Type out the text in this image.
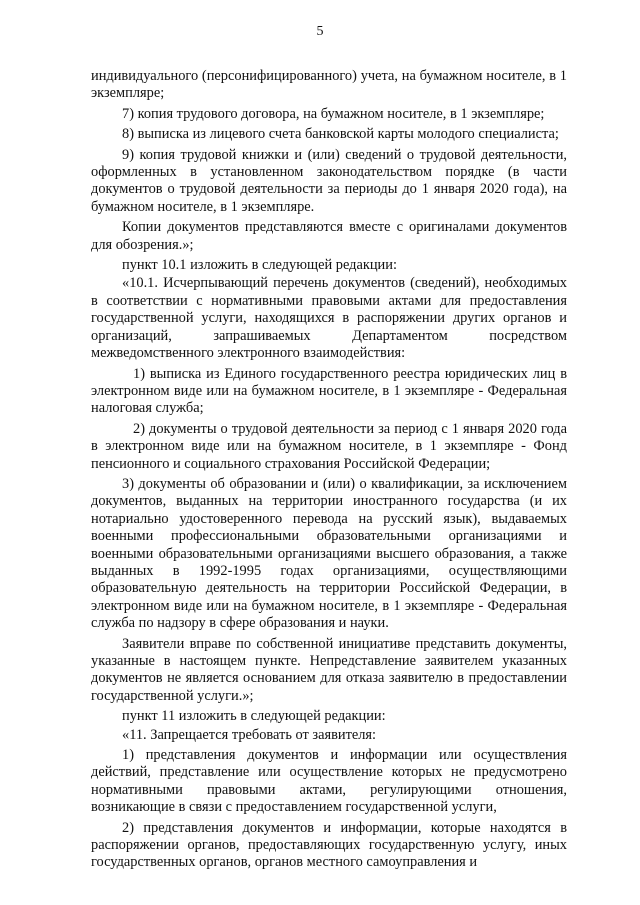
5

индивидуального (персонифицированного) учета, на бумажном носителе, в 1 экземпляре;

7) копия трудового договора, на бумажном носителе, в 1 экземпляре;

8) выписка из лицевого счета банковской карты молодого специалиста;

9) копия трудовой книжки и (или) сведений о трудовой деятельности, оформленных в установленном законодательством порядке (в части документов о трудовой деятельности за периоды до 1 января 2020 года), на бумажном носителе, в 1 экземпляре.

Копии документов представляются вместе с оригиналами документов для обозрения.»;

пункт 10.1 изложить в следующей редакции:

«10.1. Исчерпывающий перечень документов (сведений), необходимых в соответствии с нормативными правовыми актами для предоставления государственной услуги, находящихся в распоряжении других органов и организаций, запрашиваемых Департаментом посредством межведомственного электронного взаимодействия:

1) выписка из Единого государственного реестра юридических лиц в электронном виде или на бумажном носителе, в 1 экземпляре - Федеральная налоговая служба;

2) документы о трудовой деятельности за период с 1 января 2020 года в электронном виде или на бумажном носителе, в 1 экземпляре - Фонд пенсионного и социального страхования Российской Федерации;

3) документы об образовании и (или) о квалификации, за исключением документов, выданных на территории иностранного государства (и их нотариально удостоверенного перевода на русский язык), выдаваемых военными профессиональными образовательными организациями и военными образовательными организациями высшего образования, а также выданных в 1992-1995 годах организациями, осуществляющими образовательную деятельность на территории Российской Федерации, в электронном виде или на бумажном носителе, в 1 экземпляре - Федеральная служба по надзору в сфере образования и науки.

Заявители вправе по собственной инициативе представить документы, указанные в настоящем пункте. Непредставление заявителем указанных документов не является основанием для отказа заявителю в предоставлении государственной услуги.»;

пункт 11 изложить в следующей редакции:

«11. Запрещается требовать от заявителя:

1) представления документов и информации или осуществления действий, представление или осуществление которых не предусмотрено нормативными правовыми актами, регулирующими отношения, возникающие в связи с предоставлением государственной услуги,

2) представления документов и информации, которые находятся в распоряжении органов, предоставляющих государственную услугу, иных государственных органов, органов местного самоуправления и
